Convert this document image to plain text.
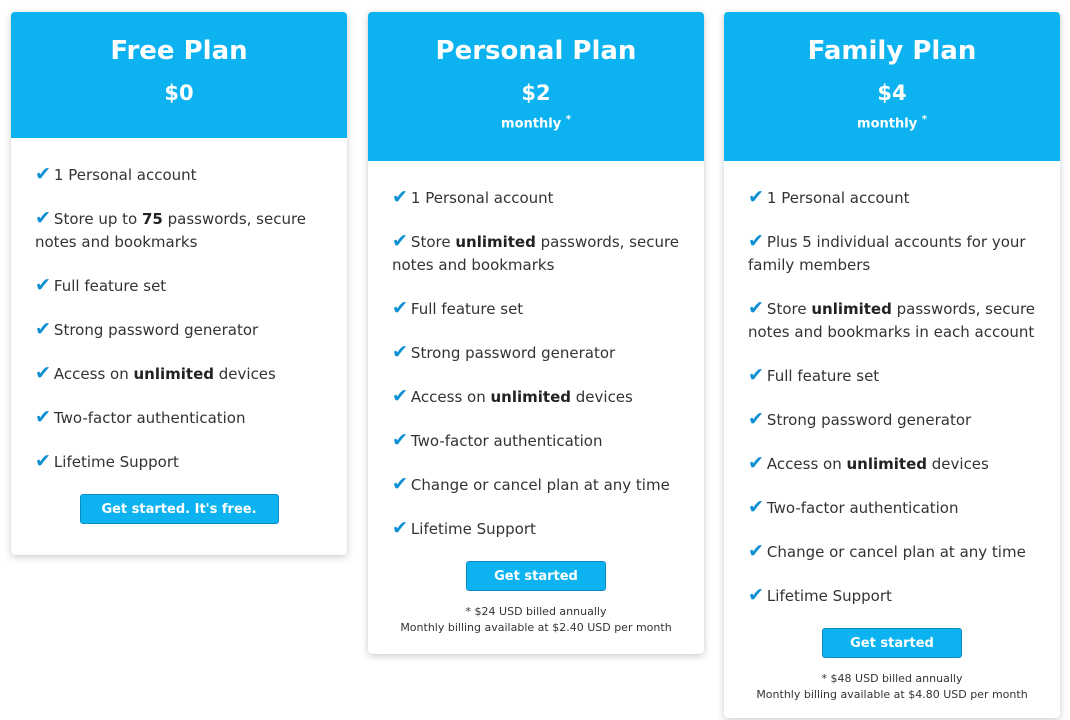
Free Plan
$0
✔ 1 Personal account
✔ Store up to 75 passwords, secure notes and bookmarks
✔ Full feature set
✔ Strong password generator
✔ Access on unlimited devices
✔ Two-factor authentication
✔ Lifetime Support
Get started. It's free.
Personal Plan
$2
monthly *
✔ 1 Personal account
✔ Store unlimited passwords, secure notes and bookmarks
✔ Full feature set
✔ Strong password generator
✔ Access on unlimited devices
✔ Two-factor authentication
✔ Change or cancel plan at any time
✔ Lifetime Support
Get started
* $24 USD billed annually
Monthly billing available at $2.40 USD per month
Family Plan
$4
monthly *
✔ 1 Personal account
✔ Plus 5 individual accounts for your family members
✔ Store unlimited passwords, secure notes and bookmarks in each account
✔ Full feature set
✔ Strong password generator
✔ Access on unlimited devices
✔ Two-factor authentication
✔ Change or cancel plan at any time
✔ Lifetime Support
Get started
* $48 USD billed annually
Monthly billing available at $4.80 USD per month
